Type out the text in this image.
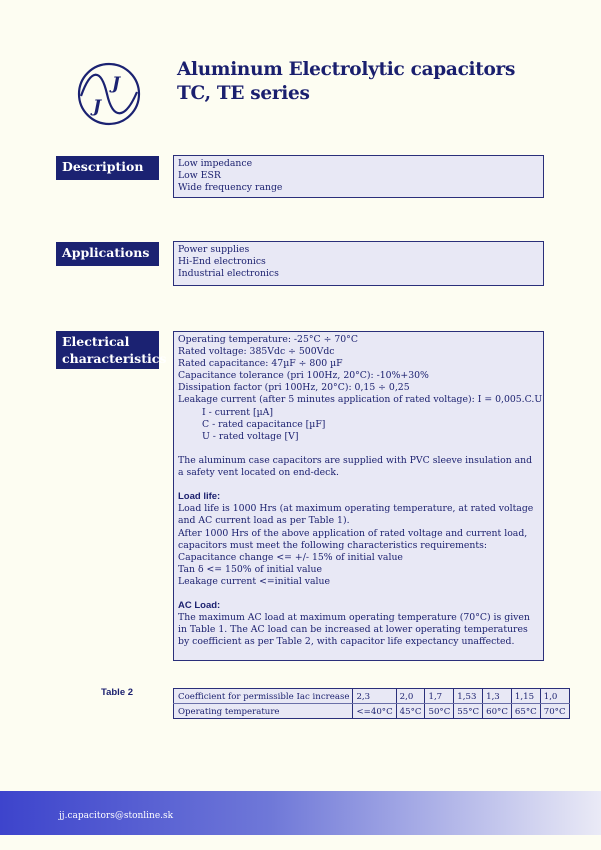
J
J
Aluminum Electrolytic capacitors
TC, TE series
Description	Low impedance
Low ESR
Wide frequency range
Applications	Power supplies
Hi-End electronics
Industrial electronics
Electrical
characteristics
Operating temperature: -25°C ÷ 70°C
Rated voltage: 385Vdc ÷ 500Vdc
Rated capacitance: 47µF ÷ 800 µF
Capacitance tolerance (pri 100Hz, 20°C): -10%+30%
Dissipation factor (pri 100Hz, 20°C): 0,15 ÷ 0,25
Leakage current (after 5 minutes application of rated voltage): I = 0,005.C.U
I - current [µA]
C - rated capacitance [µF]
U - rated voltage [V]
The aluminum case capacitors are supplied with PVC sleeve insulation and a safety vent located on end-deck.
Load life:
Load life is 1000 Hrs (at maximum operating temperature, at rated voltage and AC current load as per Table 1).
After 1000 Hrs of the above application of rated voltage and current load, capacitors must meet the following characteristics requirements:
Capacitance change <= +/- 15% of initial value
Tan δ <= 150% of initial value
Leakage current <=initial value
AC Load:
The maximum AC load at maximum operating temperature (70°C) is given in Table 1. The AC load can be increased at lower operating temperatures by coefficient as per Table 2, with capacitor life expectancy unaffected.

Table 2	Coefficient for permissible Iac increase	2,3	2,0	1,7	1,53	1,3	1,15	1,0
Operating temperature	<=40°C	45°C	50°C	55°C	60°C	65°C	70°C
jj.capacitors@stonline.sk
